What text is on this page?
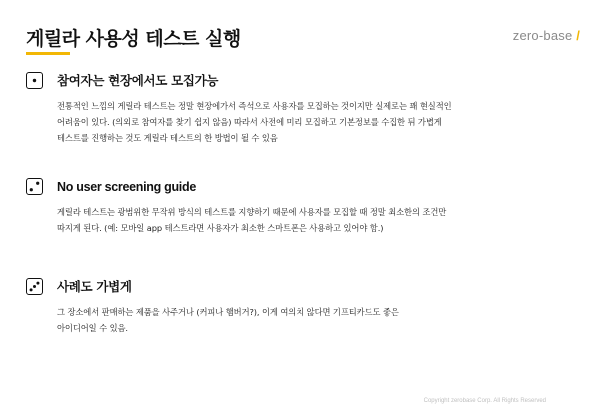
게릴라 사용성 테스트 실행	zero-base /
참여자는 현장에서도 모집가능

전통적인 느낌의 게릴라 테스트는 정말 현장에가서 즉석으로 사용자를 모집하는 것이지만 실제로는 꽤 현실적인

어려움이 있다. (의외로 참여자를 찾기 쉽지 않음) 따라서 사전에 미리 모집하고 기본정보를 수집한 뒤 가볍게

테스트를 진행하는 것도 게릴라 테스트의 한 방법이 될 수 있음

No user screening guide

게릴라 테스트는 광범위한 무작위 방식의 테스트를 지향하기 때문에 사용자를 모집할 때 정말 최소한의 조건만

따지게 된다. (예: 모바일 app 테스트라면 사용자가 최소한 스마트폰은 사용하고 있어야 함.)

사례도 가볍게

그 장소에서 판매하는 제품을 사주거나 (커피나 햄버거?), 이게 여의치 않다면 기프티카드도 좋은

아이디어일 수 있음.

Copyright zerobase Corp. All Rights Reserved
